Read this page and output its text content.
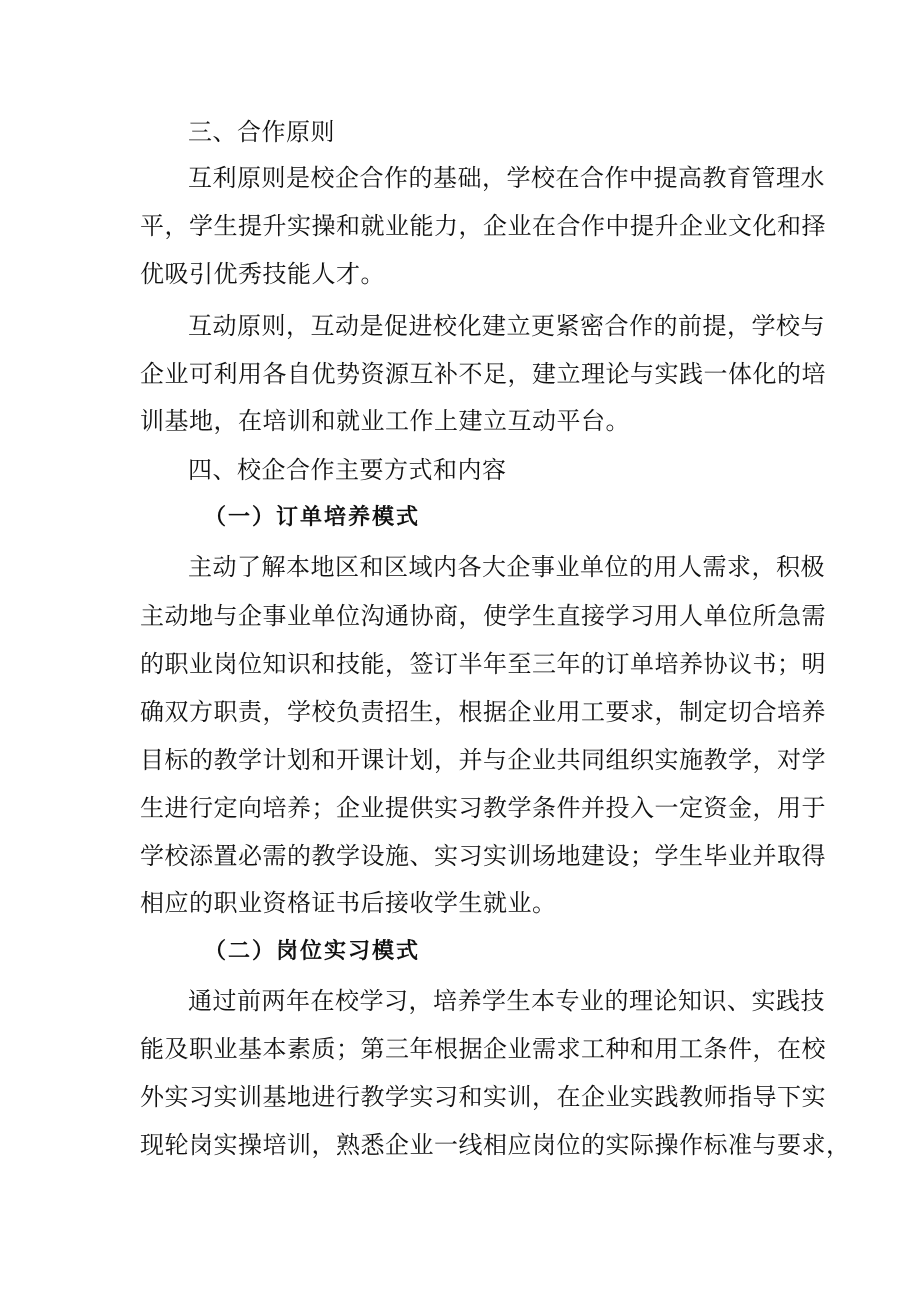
三、合作原则
互利原则是校企合作的基础，学校在合作中提高教育管理水
平，学生提升实操和就业能力，企业在合作中提升企业文化和择
优吸引优秀技能人才。
互动原则，互动是促进校化建立更紧密合作的前提，学校与
企业可利用各自优势资源互补不足，建立理论与实践一体化的培
训基地，在培训和就业工作上建立互动平台。
四、校企合作主要方式和内容
（一）订单培养模式
主动了解本地区和区域内各大企事业单位的用人需求，积极
主动地与企事业单位沟通协商，使学生直接学习用人单位所急需
的职业岗位知识和技能，签订半年至三年的订单培养协议书；明
确双方职责，学校负责招生，根据企业用工要求，制定切合培养
目标的教学计划和开课计划，并与企业共同组织实施教学，对学
生进行定向培养；企业提供实习教学条件并投入一定资金，用于
学校添置必需的教学设施、实习实训场地建设；学生毕业并取得
相应的职业资格证书后接收学生就业。
（二）岗位实习模式
通过前两年在校学习，培养学生本专业的理论知识、实践技
能及职业基本素质；第三年根据企业需求工种和用工条件，在校
外实习实训基地进行教学实习和实训，在企业实践教师指导下实
现轮岗实操培训，熟悉企业一线相应岗位的实际操作标准与要求，
